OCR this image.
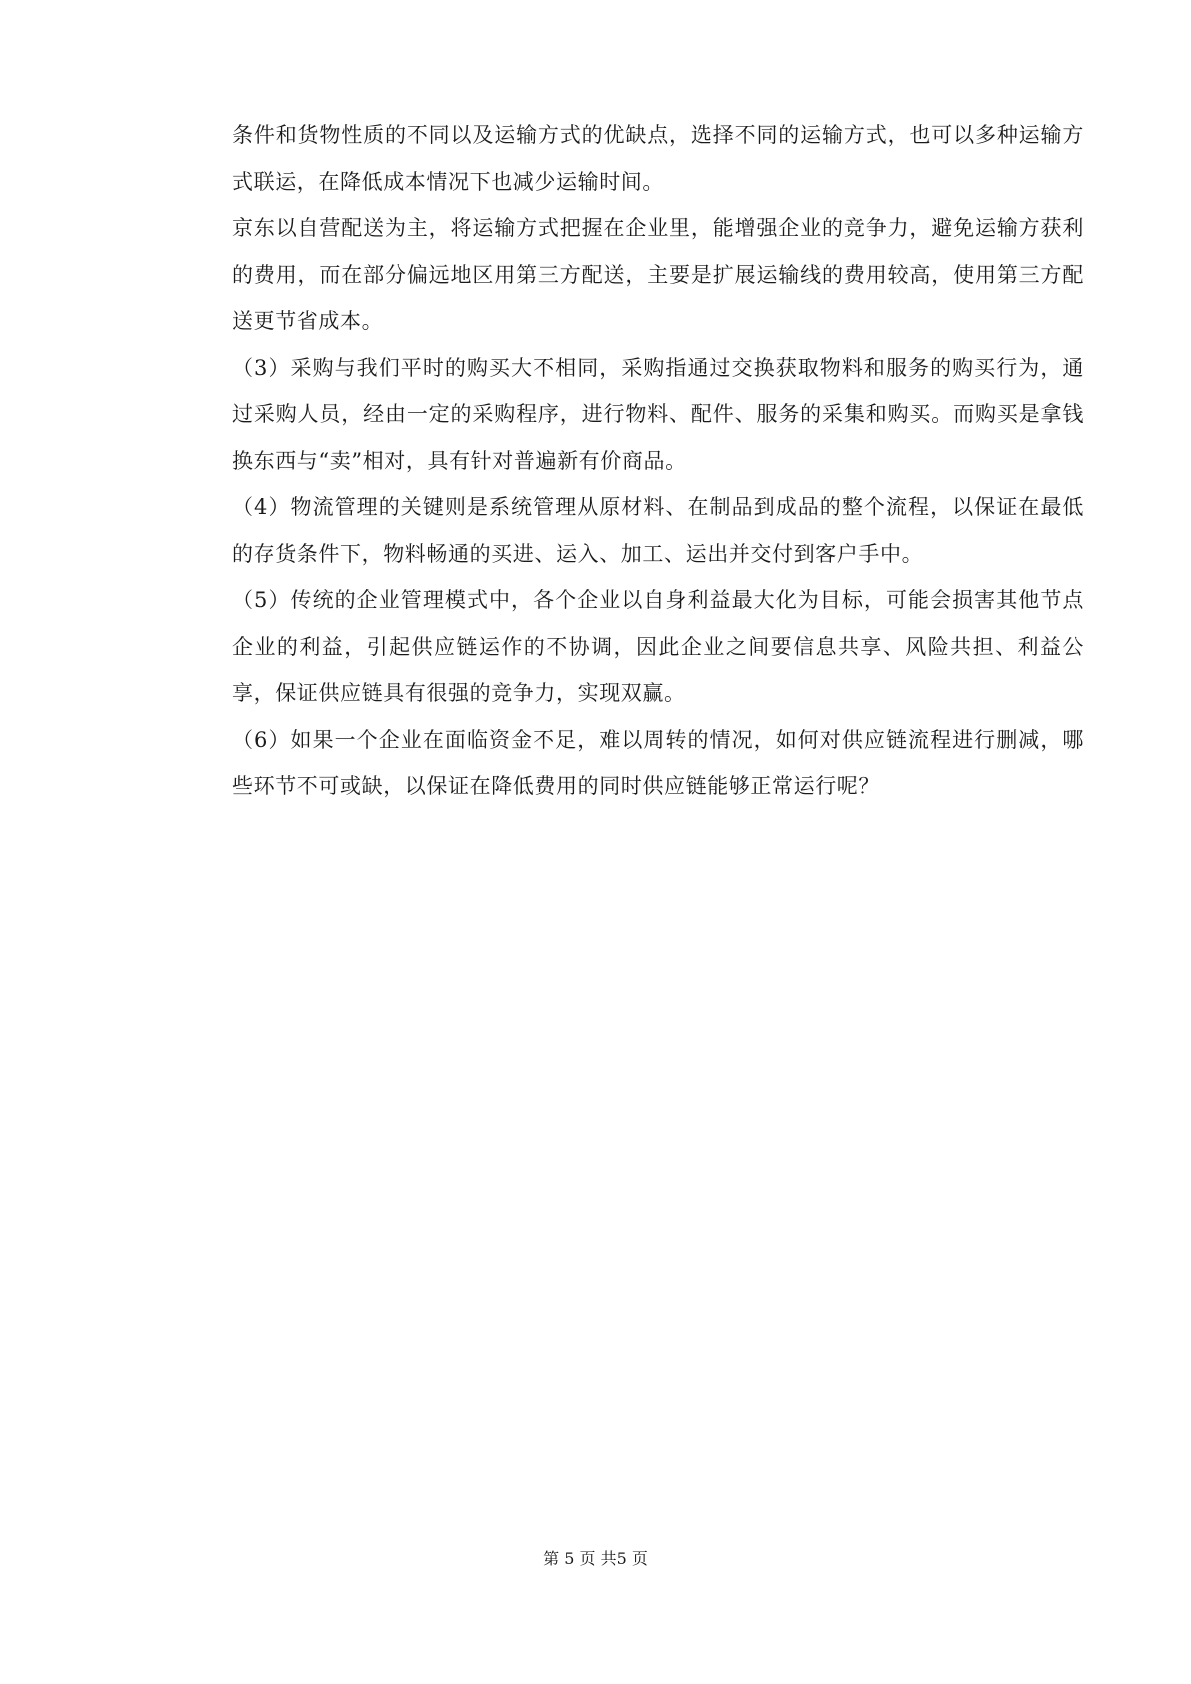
条件和货物性质的不同以及运输方式的优缺点，选择不同的运输方式，也可以多种运输方式联运，在降低成本情况下也减少运输时间。

京东以自营配送为主，将运输方式把握在企业里，能增强企业的竞争力，避免运输方获利的费用，而在部分偏远地区用第三方配送，主要是扩展运输线的费用较高，使用第三方配送更节省成本。

（3）采购与我们平时的购买大不相同，采购指通过交换获取物料和服务的购买行为，通过采购人员，经由一定的采购程序，进行物料、配件、服务的采集和购买。而购买是拿钱换东西与“卖”相对，具有针对普遍新有价商品。

（4）物流管理的关键则是系统管理从原材料、在制品到成品的整个流程，以保证在最低的存货条件下，物料畅通的买进、运入、加工、运出并交付到客户手中。

（5）传统的企业管理模式中，各个企业以自身利益最大化为目标，可能会损害其他节点企业的利益，引起供应链运作的不协调，因此企业之间要信息共享、风险共担、利益公享，保证供应链具有很强的竞争力，实现双赢。

（6）如果一个企业在面临资金不足，难以周转的情况，如何对供应链流程进行删减，哪些环节不可或缺，以保证在降低费用的同时供应链能够正常运行呢？

第 5 页 共5 页
